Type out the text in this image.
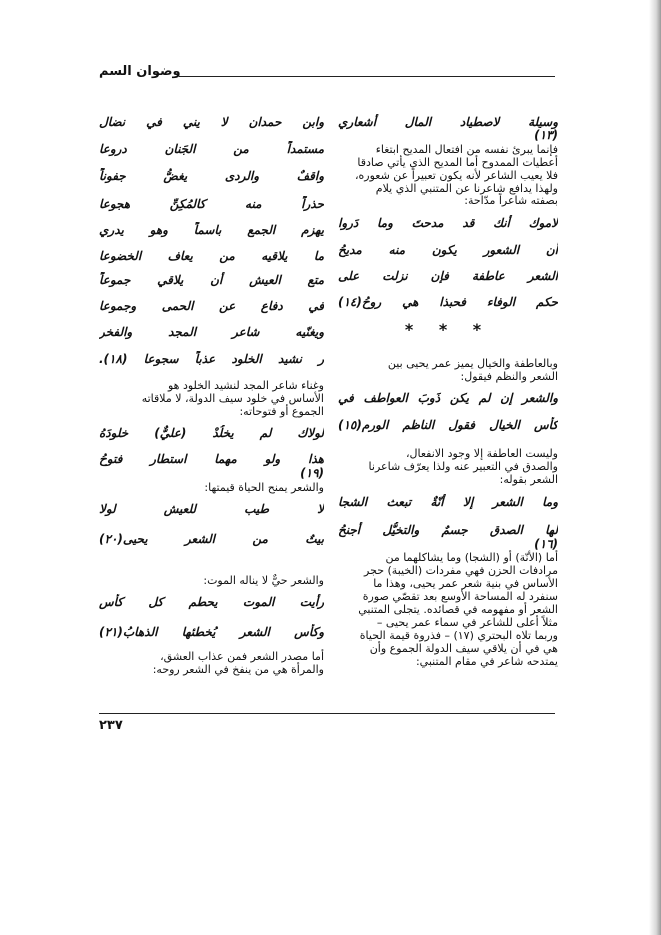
وضوان السم
وسيلة لاصطياد المال أشعاري
(١٣)
فإنما يبرئ نفسه من افتعال المديح ابتغاء
أعطيات الممدوح أما المديح الذي يأتي صادقا
فلا يعيب الشاعر لأنه يكون تعبيراً عن شعوره،
ولهذا يدافع شاعرنا عن المتنبي الذي يلام
بصفته شاعراً مدّاحة:
لاموك أنك قد مدحتَ وما دَروا
أن الشعور يكون منه مديحُ
الشعر عاطفة فإن نزلت على
حكم الوفاء فحبذا هي روحُ(١٤)
وبالعاطفة والخيال يميز عمر يحيى بين
الشعر والنظم فيقول:
والشعر إن لم يكن ذَوبَ العواطف في
كأس الخيال فقول الناظم الورم(١٥)
وليست العاطفة إلا وجود الانفعال،
والصدق في التعبير عنه ولذا يعرّف شاعرنا
الشعر بقوله:
وما الشعر إلا أنّةٌ تبعث الشجا
لها الصدق جسمٌ والتخيُّل أجنحُ
(١٦)
أما (الأنّة) أو (الشجا) وما يشاكلهما من
مرادفات الحزن فهي مفردات (الخيبة) حجر
الأساس في بنية شعر عمر يحيى، وهذا ما
سنفرد له المساحة الأوسع بعد تقصّي صورة
الشعر أو مفهومه في قصائده. يتجلى المتنبي
مثلاً أعلى للشاعر في سماء عمر يحيى –
وربما تلاه البحتري (١٧) – فذروة قيمة الحياة
هي في أن يلاقي سيف الدولة الجموع وأن
يمتدحه شاعر في مقام المتنبي:
* * *
وابن حمدان لا يني في نضال
مستمداً من الجَنان دروعا
واقفٌ والردى يغضُّ جفوناً
حذراً منه كالمُكِنِّ هجوعا
يهزم الجمع باسماً وهو يدري
ما يلاقيه من يعاف الخضوعا
متع العيش أن يلاقي جموعاً
في دفاع عن الحمى وجموعا
ويغنّيه شاعر المجد والفخر
ر نشيد الخلود عذباً سجوعا (١٨).
وغناء شاعر المجد لنشيد الخلود هو
الأساس في خلود سيف الدولة، لا ملاقاته
الجموع أو فتوحاته:
لولاك لم يخلُدْ (عليٌّ) خلودَهُ
هذا ولو مهما استطار فتوحُ
(١٩)
والشعر يمنح الحياة قيمتها:
لا طيب للعيش لولا
بيتٌ من الشعر يحيى(٢٠)
والشعر حيٌّ لا يناله الموت:
رأيت الموت يحطم كل كأس
وكأس الشعر يُخطئها الذهابُ(٢١)
أما مصدر الشعر فمن عذاب العشق،
والمرأة هي من ينفخ في الشعر روحه:
٢٣٧
